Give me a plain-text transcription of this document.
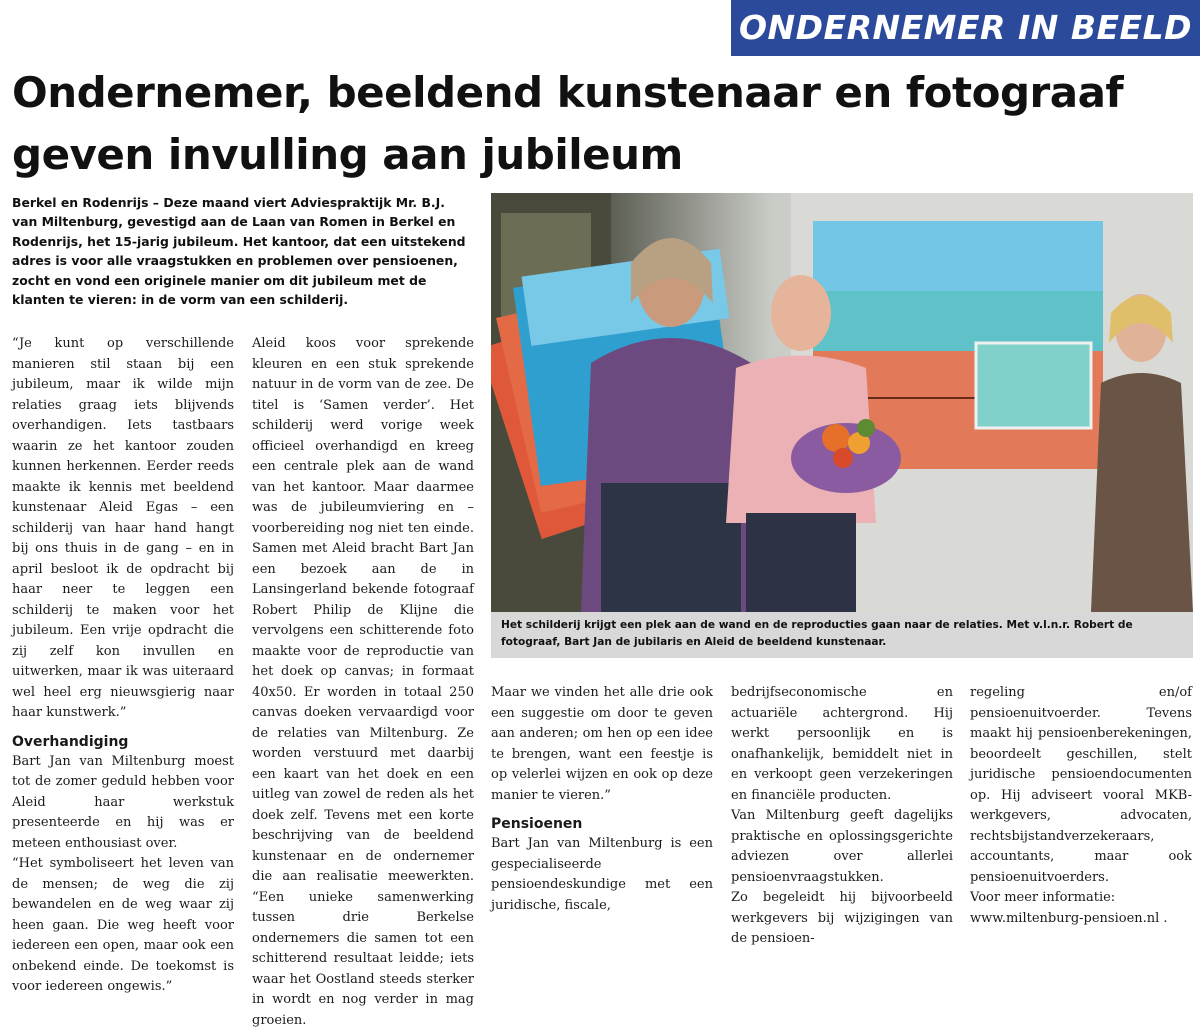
ONDERNEMER IN BEELD
Ondernemer, beeldend kunstenaar en fotograaf geven invulling aan jubileum
Berkel en Rodenrijs – Deze maand viert Adviespraktijk Mr. B.J. van Miltenburg, gevestigd aan de Laan van Romen in Berkel en Rodenrijs, het 15-jarig jubileum. Het kantoor, dat een uitstekend adres is voor alle vraagstukken en problemen over pensioenen, zocht en vond een originele manier om dit jubileum met de klanten te vieren: in de vorm van een schilderij.

“Je kunt op verschillende manieren stil staan bij een jubileum, maar ik wilde mijn relaties graag iets blijvends overhandigen. Iets tastbaars waarin ze het kantoor zouden kunnen herkennen. Eerder reeds maakte ik kennis met beeldend kunstenaar Aleid Egas – een schilderij van haar hand hangt bij ons thuis in de gang – en in april besloot ik de opdracht bij haar neer te leggen een schilderij te maken voor het jubileum. Een vrije opdracht die zij zelf kon invullen en uitwerken, maar ik was uiteraard wel heel erg nieuwsgierig naar haar kunstwerk.”

Overhandiging

Bart Jan van Miltenburg moest tot de zomer geduld hebben voor Aleid haar werkstuk presenteerde en hij was er meteen enthousiast over.

“Het symboliseert het leven van de mensen; de weg die zij bewandelen en de weg waar zij heen gaan. Die weg heeft voor iedereen een open, maar ook een onbekend einde. De toekomst is voor iedereen ongewis.”

Aleid koos voor sprekende kleuren en een stuk sprekende natuur in de vorm van de zee. De titel is ‘Samen verder’. Het schilderij werd vorige week officieel overhandigd en kreeg een centrale plek aan de wand van het kantoor. Maar daarmee was de jubileumviering en –voorbereiding nog niet ten einde. Samen met Aleid bracht Bart Jan een bezoek aan de in Lansingerland bekende fotograaf Robert Philip de Klijne die vervolgens een schitterende foto maakte voor de reproductie van het doek op canvas; in formaat 40x50. Er worden in totaal 250 canvas doeken vervaardigd voor de relaties van Miltenburg. Ze worden verstuurd met daarbij een kaart van het doek en een uitleg van zowel de reden als het doek zelf. Tevens met een korte beschrijving van de beeldend kunstenaar en de ondernemer die aan realisatie meewerkten. “Een unieke samenwerking tussen drie Berkelse ondernemers die samen tot een schitterend resultaat leidde; iets waar het Oostland steeds sterker in wordt en nog verder in mag groeien.

Het schilderij krijgt een plek aan de wand en de reproducties gaan naar de relaties. Met v.l.n.r. Robert de fotograaf, Bart Jan de jubilaris en Aleid de beeldend kunstenaar.

Maar we vinden het alle drie ook een suggestie om door te geven aan anderen; om hen op een idee te brengen, want een feestje is op velerlei wijzen en ook op deze manier te vieren.”

Pensioenen

Bart Jan van Miltenburg is een gespecialiseerde pensioendeskundige met een juridische, fiscale,

bedrijfseconomische en actuariële achtergrond. Hij werkt persoonlijk en is onafhankelijk, bemiddelt niet in en verkoopt geen verzekeringen en financiële producten.

Van Miltenburg geeft dagelijks praktische en oplossingsgerichte adviezen over allerlei pensioenvraagstukken.

Zo begeleidt hij bijvoorbeeld werkgevers bij wijzigingen van de pensioen-

regeling en/of pensioenuitvoerder. Tevens maakt hij pensioenberekeningen, beoordeelt geschillen, stelt juridische pensioendocumenten op. Hij adviseert vooral MKB-werkgevers, advocaten, rechtsbijstandverzekeraars, accountants, maar ook pensioenuitvoerders.

Voor meer informatie:

www.miltenburg-pensioen.nl .
